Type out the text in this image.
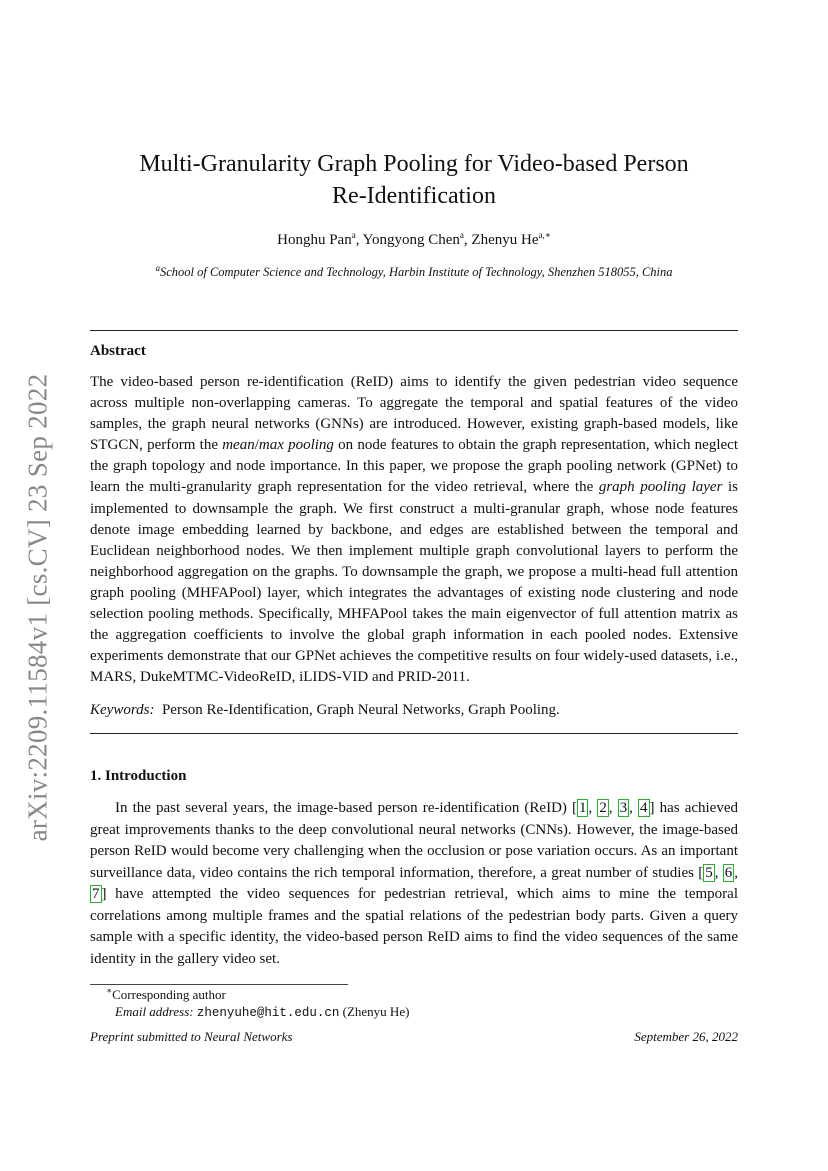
arXiv:2209.11584v1 [cs.CV] 23 Sep 2022
Multi-Granularity Graph Pooling for Video-based Person
Re-Identification
Honghu Pan$^a$, Yongyong Chen$^a$, Zhenyu $He^{a,∗}$
$^a$School of Computer Science and Technology, Harbin Institute of Technology, Shenzhen 518055, China
Abstract

The video-based person re-identification (ReID) aims to identify the given pedestrian video sequence across multiple non-overlapping cameras. To aggregate the temporal and spatial features of the video samples, the graph neural networks (GNNs) are introduced. However, existing graph-based models, like STGCN, perform the mean/max pooling on node features to obtain the graph representation, which neglect the graph topology and node importance. In this paper, we propose the graph pooling network (GPNet) to learn the multi-granularity graph representation for the video retrieval, where the graph pooling layer is implemented to downsample the graph. We first construct a multi-granular graph, whose node features denote image embedding learned by backbone, and edges are established between the temporal and Euclidean neighborhood nodes. We then implement multiple graph convolutional layers to perform the neighborhood aggregation on the graphs. To downsample the graph, we propose a multi-head full attention graph pooling (MHFAPool) layer, which integrates the advantages of existing node clustering and node selection pooling methods. Specifically, MHFAPool takes the main eigenvector of full attention matrix as the aggregation coefficients to involve the global graph information in each pooled nodes. Extensive experiments demonstrate that our GPNet achieves the competitive results on four widely-used datasets, i.e., MARS, DukeMTMC-VideoReID, iLIDS-VID and PRID-2011.

Keywords: Person Re-Identification, Graph Neural Networks, Graph Pooling.

1. Introduction

In the past several years, the image-based person re-identification (ReID) [ 1 , 2 , 3 , 4 ] has achieved great improvements thanks to the deep convolutional neural networks (CNNs). However, the image-based person ReID would become very challenging when the occlusion or pose variation occurs. As an important surveillance data, video contains the rich temporal information, therefore, a great number of studies [ 5 , 6 , 7 ] have attempted the video sequences for pedestrian retrieval, which aims to mine the temporal correlations among multiple frames and the spatial relations of the pedestrian body parts. Given a query sample with a specific identity, the video-based person ReID aims to find the video sequences of the same identity in the gallery video set.

∗Corresponding author
Email address: zhenyuhe@hit.edu.cn (Zhenyu He)
Preprint submitted to Neural Networks	September 26, 2022
